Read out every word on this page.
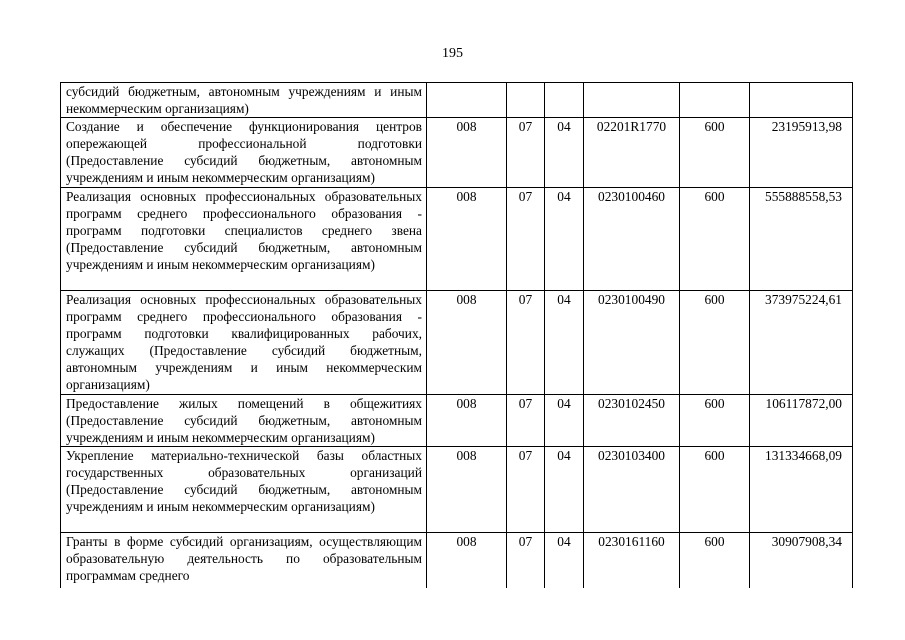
195
субсидий бюджетным, автономным учреждениям и иным некоммерческим организациям)						
Создание и обеспечение функционирования центров опережающей профессиональной подготовки (Предоставление субсидий бюджетным, автономным учреждениям и иным некоммерческим организациям)	008	07	04	02201R1770	600	23195913,98
Реализация основных профессиональных образовательных программ среднего профессионального образования - программ подготовки специалистов среднего звена (Предоставление субсидий бюджетным, автономным учреждениям и иным некоммерческим организациям)	008	07	04	0230100460	600	555888558,53
Реализация основных профессиональных образовательных программ среднего профессионального образования - программ подготовки квалифицированных рабочих, служащих (Предоставление субсидий бюджетным, автономным учреждениям и иным некоммерческим организациям)	008	07	04	0230100490	600	373975224,61
Предоставление жилых помещений в общежитиях (Предоставление субсидий бюджетным, автономным учреждениям и иным некоммерческим организациям)	008	07	04	0230102450	600	106117872,00
Укрепление материально-технической базы областных государственных образовательных организаций (Предоставление субсидий бюджетным, автономным учреждениям и иным некоммерческим организациям)	008	07	04	0230103400	600	131334668,09
Гранты в форме субсидий организациям, осуществляющим образовательную деятельность по образовательным программам среднего	008	07	04	0230161160	600	30907908,34
